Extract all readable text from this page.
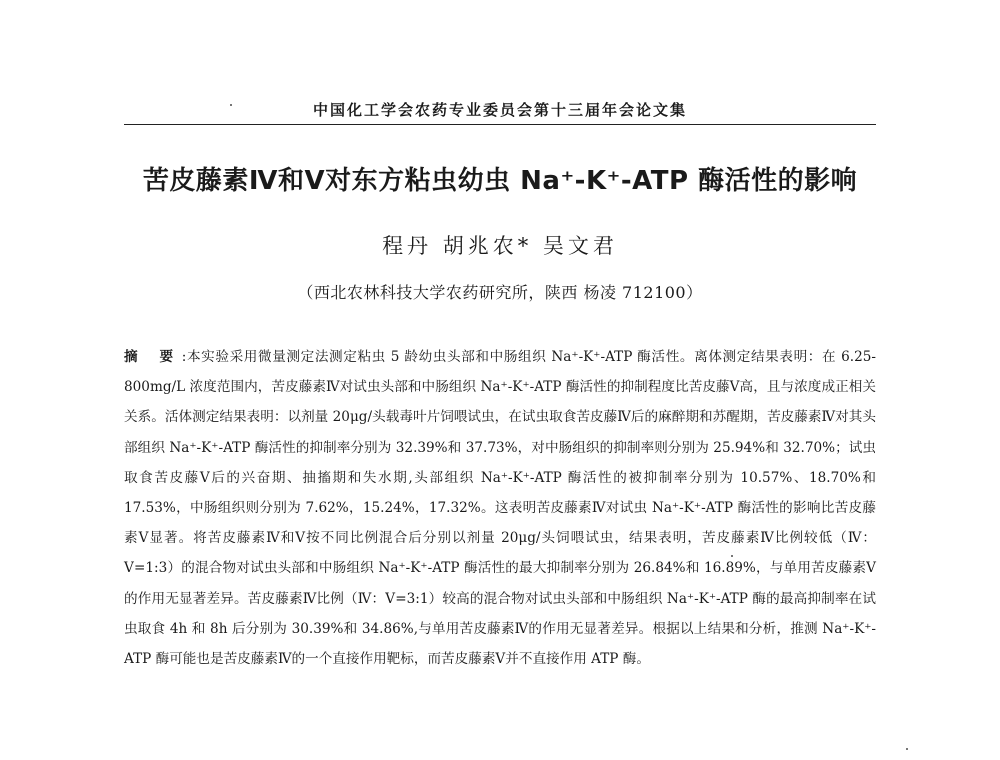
中国化工学会农药专业委员会第十三届年会论文集
苦皮藤素Ⅳ和Ⅴ对东方粘虫幼虫 Na⁺-K⁺-ATP 酶活性的影响
程丹 胡兆农* 吴文君
（西北农林科技大学农药研究所，陕西 杨凌 712100）
摘 要:本实验采用微量测定法测定粘虫 5 龄幼虫头部和中肠组织 Na⁺-K⁺-ATP 酶活性。离体测定结果表明：在 6.25-800mg/L 浓度范围内，苦皮藤素Ⅳ对试虫头部和中肠组织 Na⁺-K⁺-ATP 酶活性的抑制程度比苦皮藤Ⅴ高，且与浓度成正相关关系。活体测定结果表明：以剂量 20μg/头载毒叶片饲喂试虫，在试虫取食苦皮藤Ⅳ后的麻醉期和苏醒期，苦皮藤素Ⅳ对其头部组织 Na⁺-K⁺-ATP 酶活性的抑制率分别为 32.39%和 37.73%，对中肠组织的抑制率则分别为 25.94%和 32.70%；试虫取食苦皮藤Ⅴ后的兴奋期、抽搐期和失水期,头部组织 Na⁺-K⁺-ATP 酶活性的被抑制率分别为 10.57%、18.70%和 17.53%，中肠组织则分别为 7.62%，15.24%，17.32%。这表明苦皮藤素Ⅳ对试虫 Na⁺-K⁺-ATP 酶活性的影响比苦皮藤素Ⅴ显著。将苦皮藤素Ⅳ和Ⅴ按不同比例混合后分别以剂量 20μg/头饲喂试虫，结果表明，苦皮藤素Ⅳ比例较低（Ⅳ：Ⅴ=1:3）的混合物对试虫头部和中肠组织 Na⁺-K⁺-ATP 酶活性的最大抑制率分别为 26.84%和 16.89%，与单用苦皮藤素Ⅴ的作用无显著差异。苦皮藤素Ⅳ比例（Ⅳ：Ⅴ=3:1）较高的混合物对试虫头部和中肠组织 Na⁺-K⁺-ATP 酶的最高抑制率在试虫取食 4h 和 8h 后分别为 30.39%和 34.86%,与单用苦皮藤素Ⅳ的作用无显著差异。根据以上结果和分析，推测 Na⁺-K⁺-ATP 酶可能也是苦皮藤素Ⅳ的一个直接作用靶标，而苦皮藤素Ⅴ并不直接作用 ATP 酶。
